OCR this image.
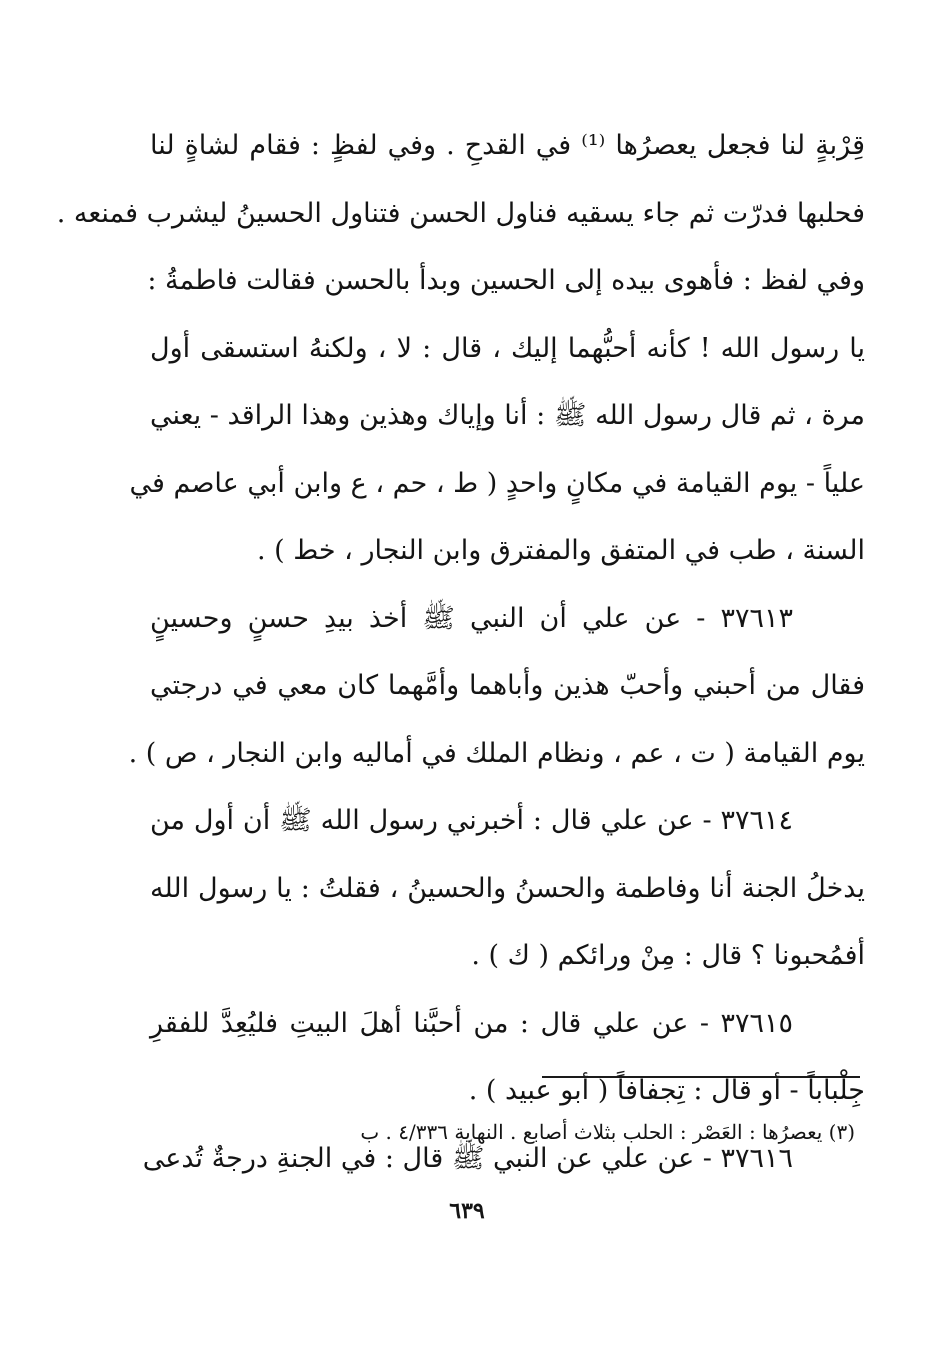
قِرْبةٍ لنا فجعل يعصرُها ⁽¹⁾ في القدحِ . وفي لفظٍ : فقام لشاةٍ لنا
فحلبها فدرّت ثم جاء يسقيه فناول الحسن فتناول الحسينُ ليشرب فمنعه .
وفي لفظ : فأهوى بيده إلى الحسين وبدأ بالحسن فقالت فاطمةُ :
يا رسول الله ! كأنه أحبُّهما إليك ، قال : لا ، ولكنهُ استسقى أول
مرة ، ثم قال رسول الله ﷺ : أنا وإياك وهذين وهذا الراقد - يعني
علياً - يوم القيامة في مكانٍ واحدٍ ( ط ، حم ، ع وابن أبي عاصم في
السنة ، طب في المتفق والمفترق وابن النجار ، خط ) .
٣٧٦١٣ - عن علي أن النبي ﷺ أخذ بيدِ حسنٍ وحسينٍ
فقال من أحبني وأحبّ هذين وأباهما وأمَّهما كان معي في درجتي
يوم القيامة ( ت ، عم ، ونظام الملك في أماليه وابن النجار ، ص ) .
٣٧٦١٤ - عن علي قال : أخبرني رسول الله ﷺ أن أول من
يدخلُ الجنة أنا وفاطمة والحسنُ والحسينُ ، فقلتُ : يا رسول الله
أفمُحبونا ؟ قال : مِنْ ورائكم ( ك ) .
٣٧٦١٥ - عن علي قال : من أحبَّنا أهلَ البيتِ فليُعِدَّ للفقرِ
جِلْباباً - أو قال : تِجفافاً ( أبو عبيد ) .
٣٧٦١٦ - عن علي عن النبي ﷺ قال : في الجنةِ درجةٌ تُدعى
(٣) يعصرُها : العَصْر : الحلب بثلاث أصابع . النهاية ٤/٣٣٦ . ب
٦٣٩
